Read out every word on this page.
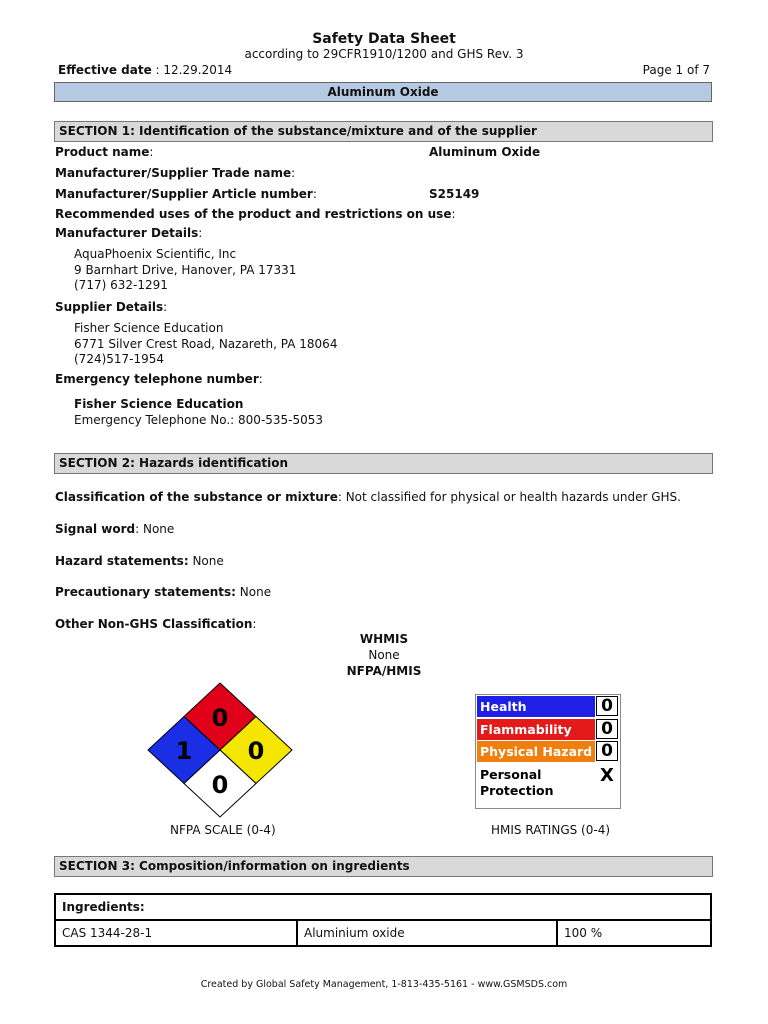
Safety Data Sheet
according to 29CFR1910/1200 and GHS Rev. 3
Effective date : 12.29.2014	Page 1 of 7
Aluminum Oxide
SECTION 1: Identification of the substance/mixture and of the supplier
Product name:	Aluminum Oxide
Manufacturer/Supplier Trade name:
Manufacturer/Supplier Article number:	S25149
Recommended uses of the product and restrictions on use:
Manufacturer Details:
AquaPhoenix Scientific, Inc
9 Barnhart Drive, Hanover, PA 17331
(717) 632-1291
Supplier Details:
Fisher Science Education
6771 Silver Crest Road, Nazareth, PA 18064
(724)517-1954
Emergency telephone number:
Fisher Science Education
Emergency Telephone No.: 800-535-5053
SECTION 2: Hazards identification
Classification of the substance or mixture: Not classified for physical or health hazards under GHS.
Signal word: None
Hazard statements: None
Precautionary statements: None
Other Non-GHS Classification:
WHMIS
None
NFPA/HMIS
0
1 0
0
NFPA SCALE (0-4)
Health	0
Flammability	0
Physical Hazard 0
Personal
Protection
X
HMIS RATINGS (0-4)
SECTION 3: Composition/information on ingredients
Ingredients:
CAS 1344-28-1	Aluminium oxide	100 %
Created by Global Safety Management, 1-813-435-5161 - www.GSMSDS.com
